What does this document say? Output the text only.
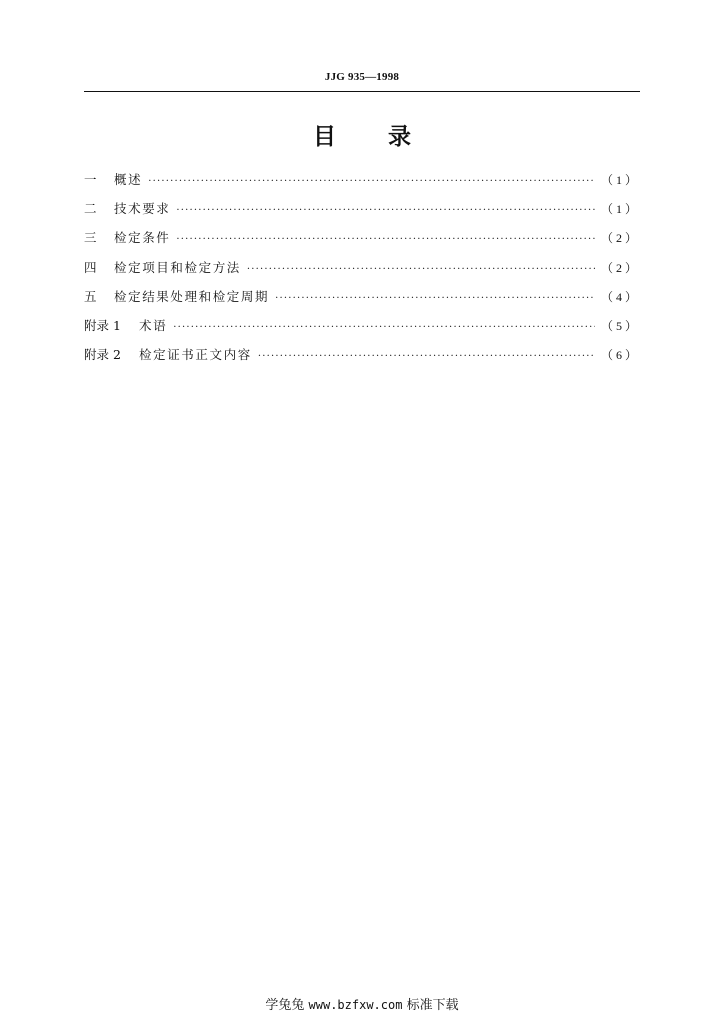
JJG 935—1998
目 录
一 概述 ·····	（1）
二 技术要求 ·····	（1）
三 检定条件 ·····	（2）
四 检定项目和检定方法 ·····	（2）
五 检定结果处理和检定周期 ·····	（4）
附录 1 术语 ·····	（5）
附录 2 检定证书正文内容 ·····	（6）
学兔兔 www.bzfxw.com 标准下载
